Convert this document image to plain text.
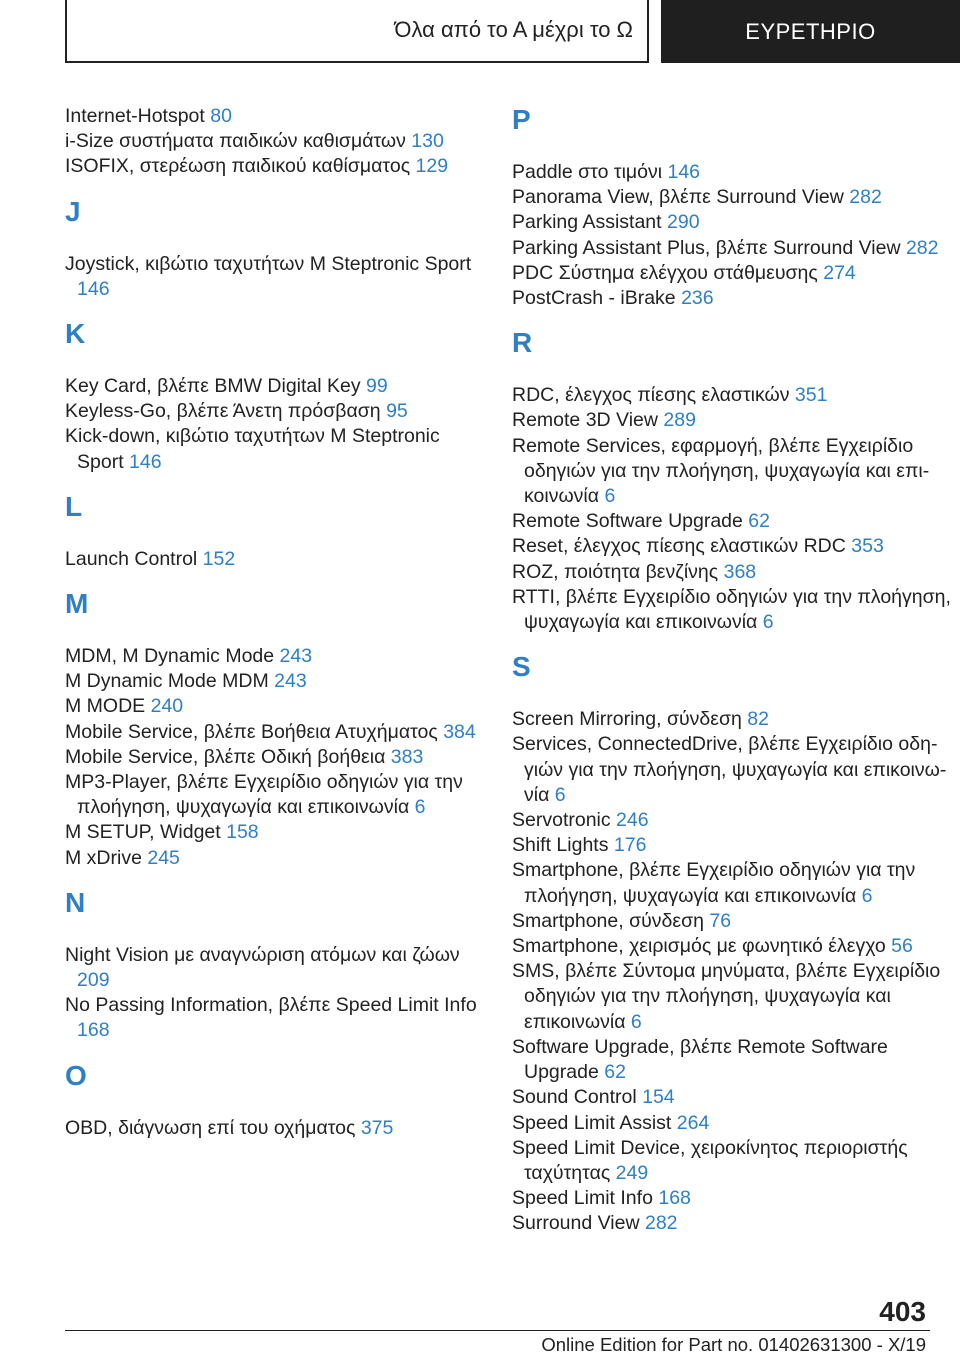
Όλα από το Α μέχρι το Ω	ΕΥΡΕΤΗΡΙΟ
Internet-Hotspot 80
i-Size συστήματα παιδικών καθισμάτων 130
ISOFIX, στερέωση παιδικού καθίσματος 129
J
Joystick, κιβώτιο ταχυτήτων M Steptronic Sport 146
K
Key Card, βλέπε BMW Digital Key 99
Keyless-Go, βλέπε Άνετη πρόσβαση 95
Kick-down, κιβώτιο ταχυτήτων M Steptronic Sport 146
L
Launch Control 152
M
MDM, M Dynamic Mode 243
M Dynamic Mode MDM 243
M MODE 240
Mobile Service, βλέπε Βοήθεια Ατυχήματος 384
Mobile Service, βλέπε Οδική βοήθεια 383
MP3-Player, βλέπε Εγχειρίδιο οδηγιών για την πλοήγηση, ψυχαγωγία και επικοινωνία 6
M SETUP, Widget 158
M xDrive 245
N
Night Vision με αναγνώριση ατόμων και ζώων 209
No Passing Information, βλέπε Speed Limit Info 168
O
OBD, διάγνωση επί του οχήματος 375
P
Paddle στο τιμόνι 146
Panorama View, βλέπε Surround View 282
Parking Assistant 290
Parking Assistant Plus, βλέπε Surround View 282
PDC Σύστημα ελέγχου στάθμευσης 274
PostCrash - iBrake 236
R
RDC, έλεγχος πίεσης ελαστικών 351
Remote 3D View 289
Remote Services, εφαρμογή, βλέπε Εγχειρίδιο οδηγιών για την πλοήγηση, ψυχαγωγία και επικοινωνία 6
Remote Software Upgrade 62
Reset, έλεγχος πίεσης ελαστικών RDC 353
ROZ, ποιότητα βενζίνης 368
RTTI, βλέπε Εγχειρίδιο οδηγιών για την πλοήγηση, ψυχαγωγία και επικοινωνία 6
S
Screen Mirroring, σύνδεση 82
Services, ConnectedDrive, βλέπε Εγχειρίδιο οδηγιών για την πλοήγηση, ψυχαγωγία και επικοινωνία 6
Servotronic 246
Shift Lights 176
Smartphone, βλέπε Εγχειρίδιο οδηγιών για την πλοήγηση, ψυχαγωγία και επικοινωνία 6
Smartphone, σύνδεση 76
Smartphone, χειρισμός με φωνητικό έλεγχο 56
SMS, βλέπε Σύντομα μηνύματα, βλέπε Εγχειρίδιο οδηγιών για την πλοήγηση, ψυχαγωγία και επικοινωνία 6
Software Upgrade, βλέπε Remote Software Upgrade 62
Sound Control 154
Speed Limit Assist 264
Speed Limit Device, χειροκίνητος περιοριστής ταχύτητας 249
Speed Limit Info 168
Surround View 282
403
Online Edition for Part no. 01402631300 - X/19
